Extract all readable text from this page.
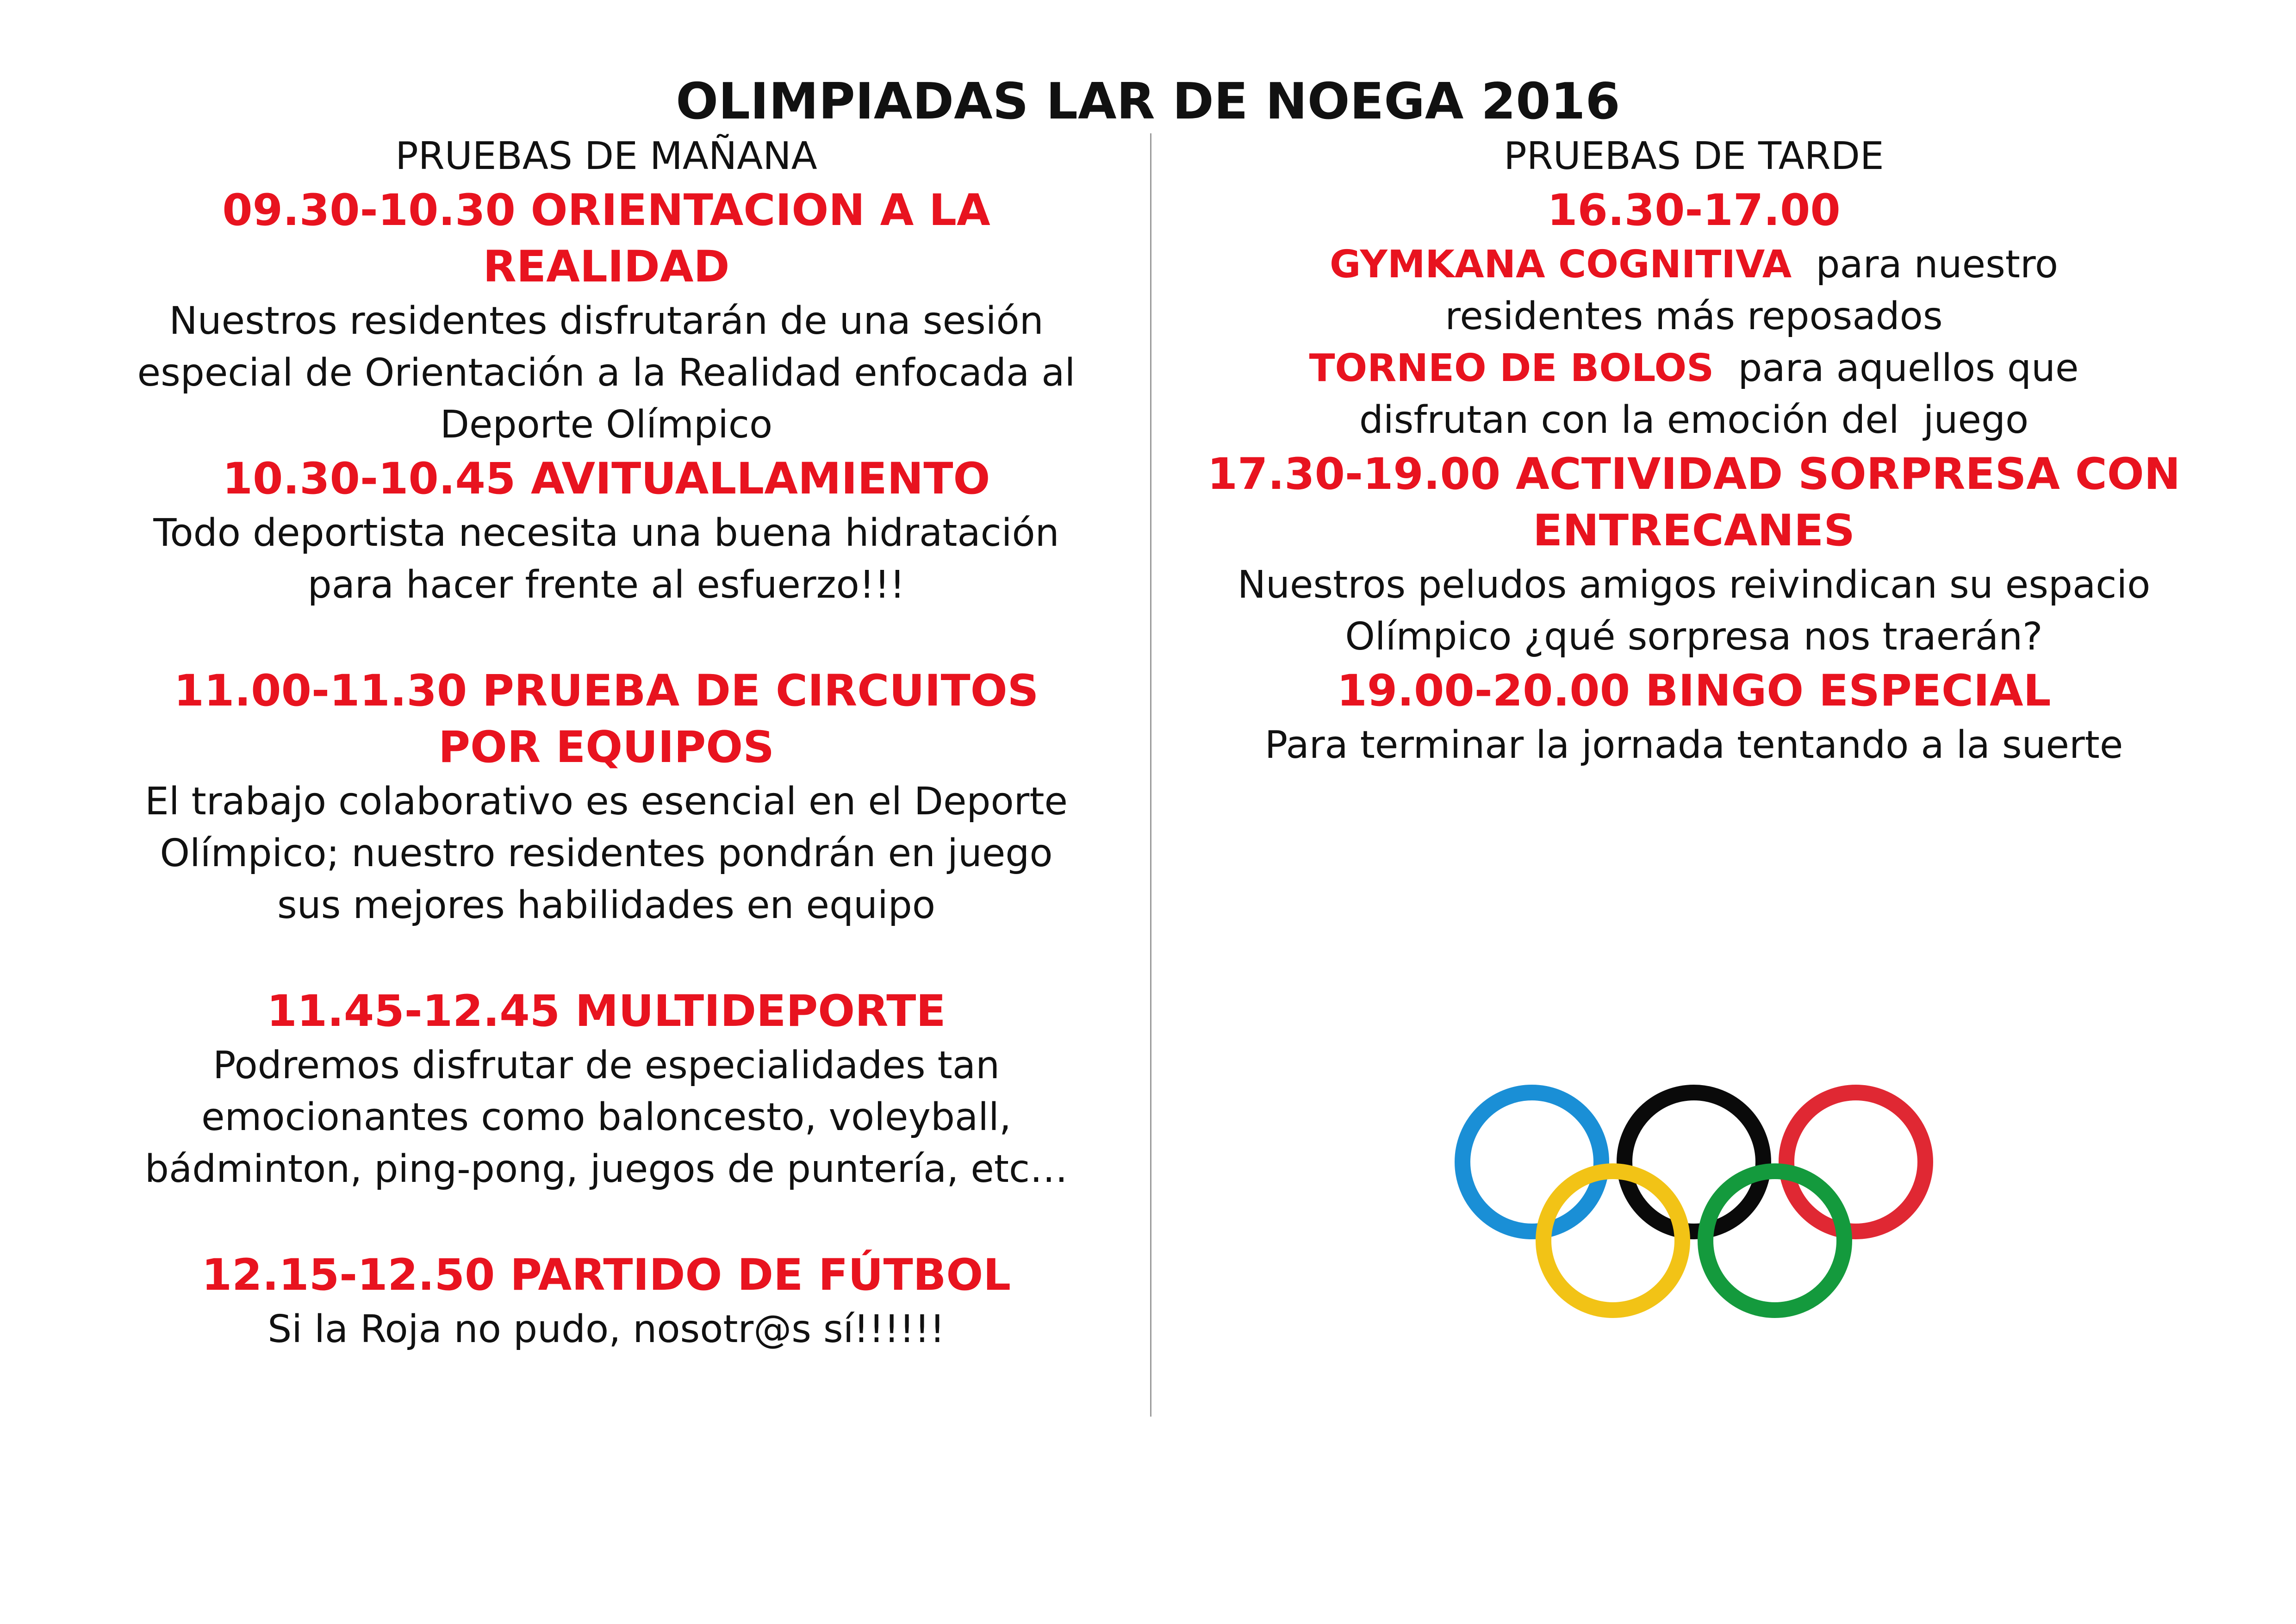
OLIMPIADAS LAR DE NOEGA 2016
PRUEBAS DE MAÑANA
09.30-10.30 ORIENTACION A LA
REALIDAD
Nuestros residentes disfrutarán de una sesión
especial de Orientación a la Realidad enfocada al
Deporte Olímpico
10.30-10.45 AVITUALLAMIENTO
Todo deportista necesita una buena hidratación
para hacer frente al esfuerzo!!!
11.00-11.30 PRUEBA DE CIRCUITOS
POR EQUIPOS
El trabajo colaborativo es esencial en el Deporte
Olímpico; nuestro residentes pondrán en juego
sus mejores habilidades en equipo
11.45-12.45 MULTIDEPORTE
Podremos disfrutar de especialidades tan
emocionantes como baloncesto, voleyball,
bádminton, ping-pong, juegos de puntería, etc…
12.15-12.50 PARTIDO DE FÚTBOL
Si la Roja no pudo, nosotr@s sí!!!!!!
PRUEBAS DE TARDE
16.30-17.00
GYMKANA COGNITIVA  para nuestro
residentes más reposados
TORNEO DE BOLOS  para aquellos que
disfrutan con la emoción del  juego
17.30-19.00 ACTIVIDAD SORPRESA CON
ENTRECANES
Nuestros peludos amigos reivindican su espacio
Olímpico ¿qué sorpresa nos traerán?
19.00-20.00 BINGO ESPECIAL
Para terminar la jornada tentando a la suerte
